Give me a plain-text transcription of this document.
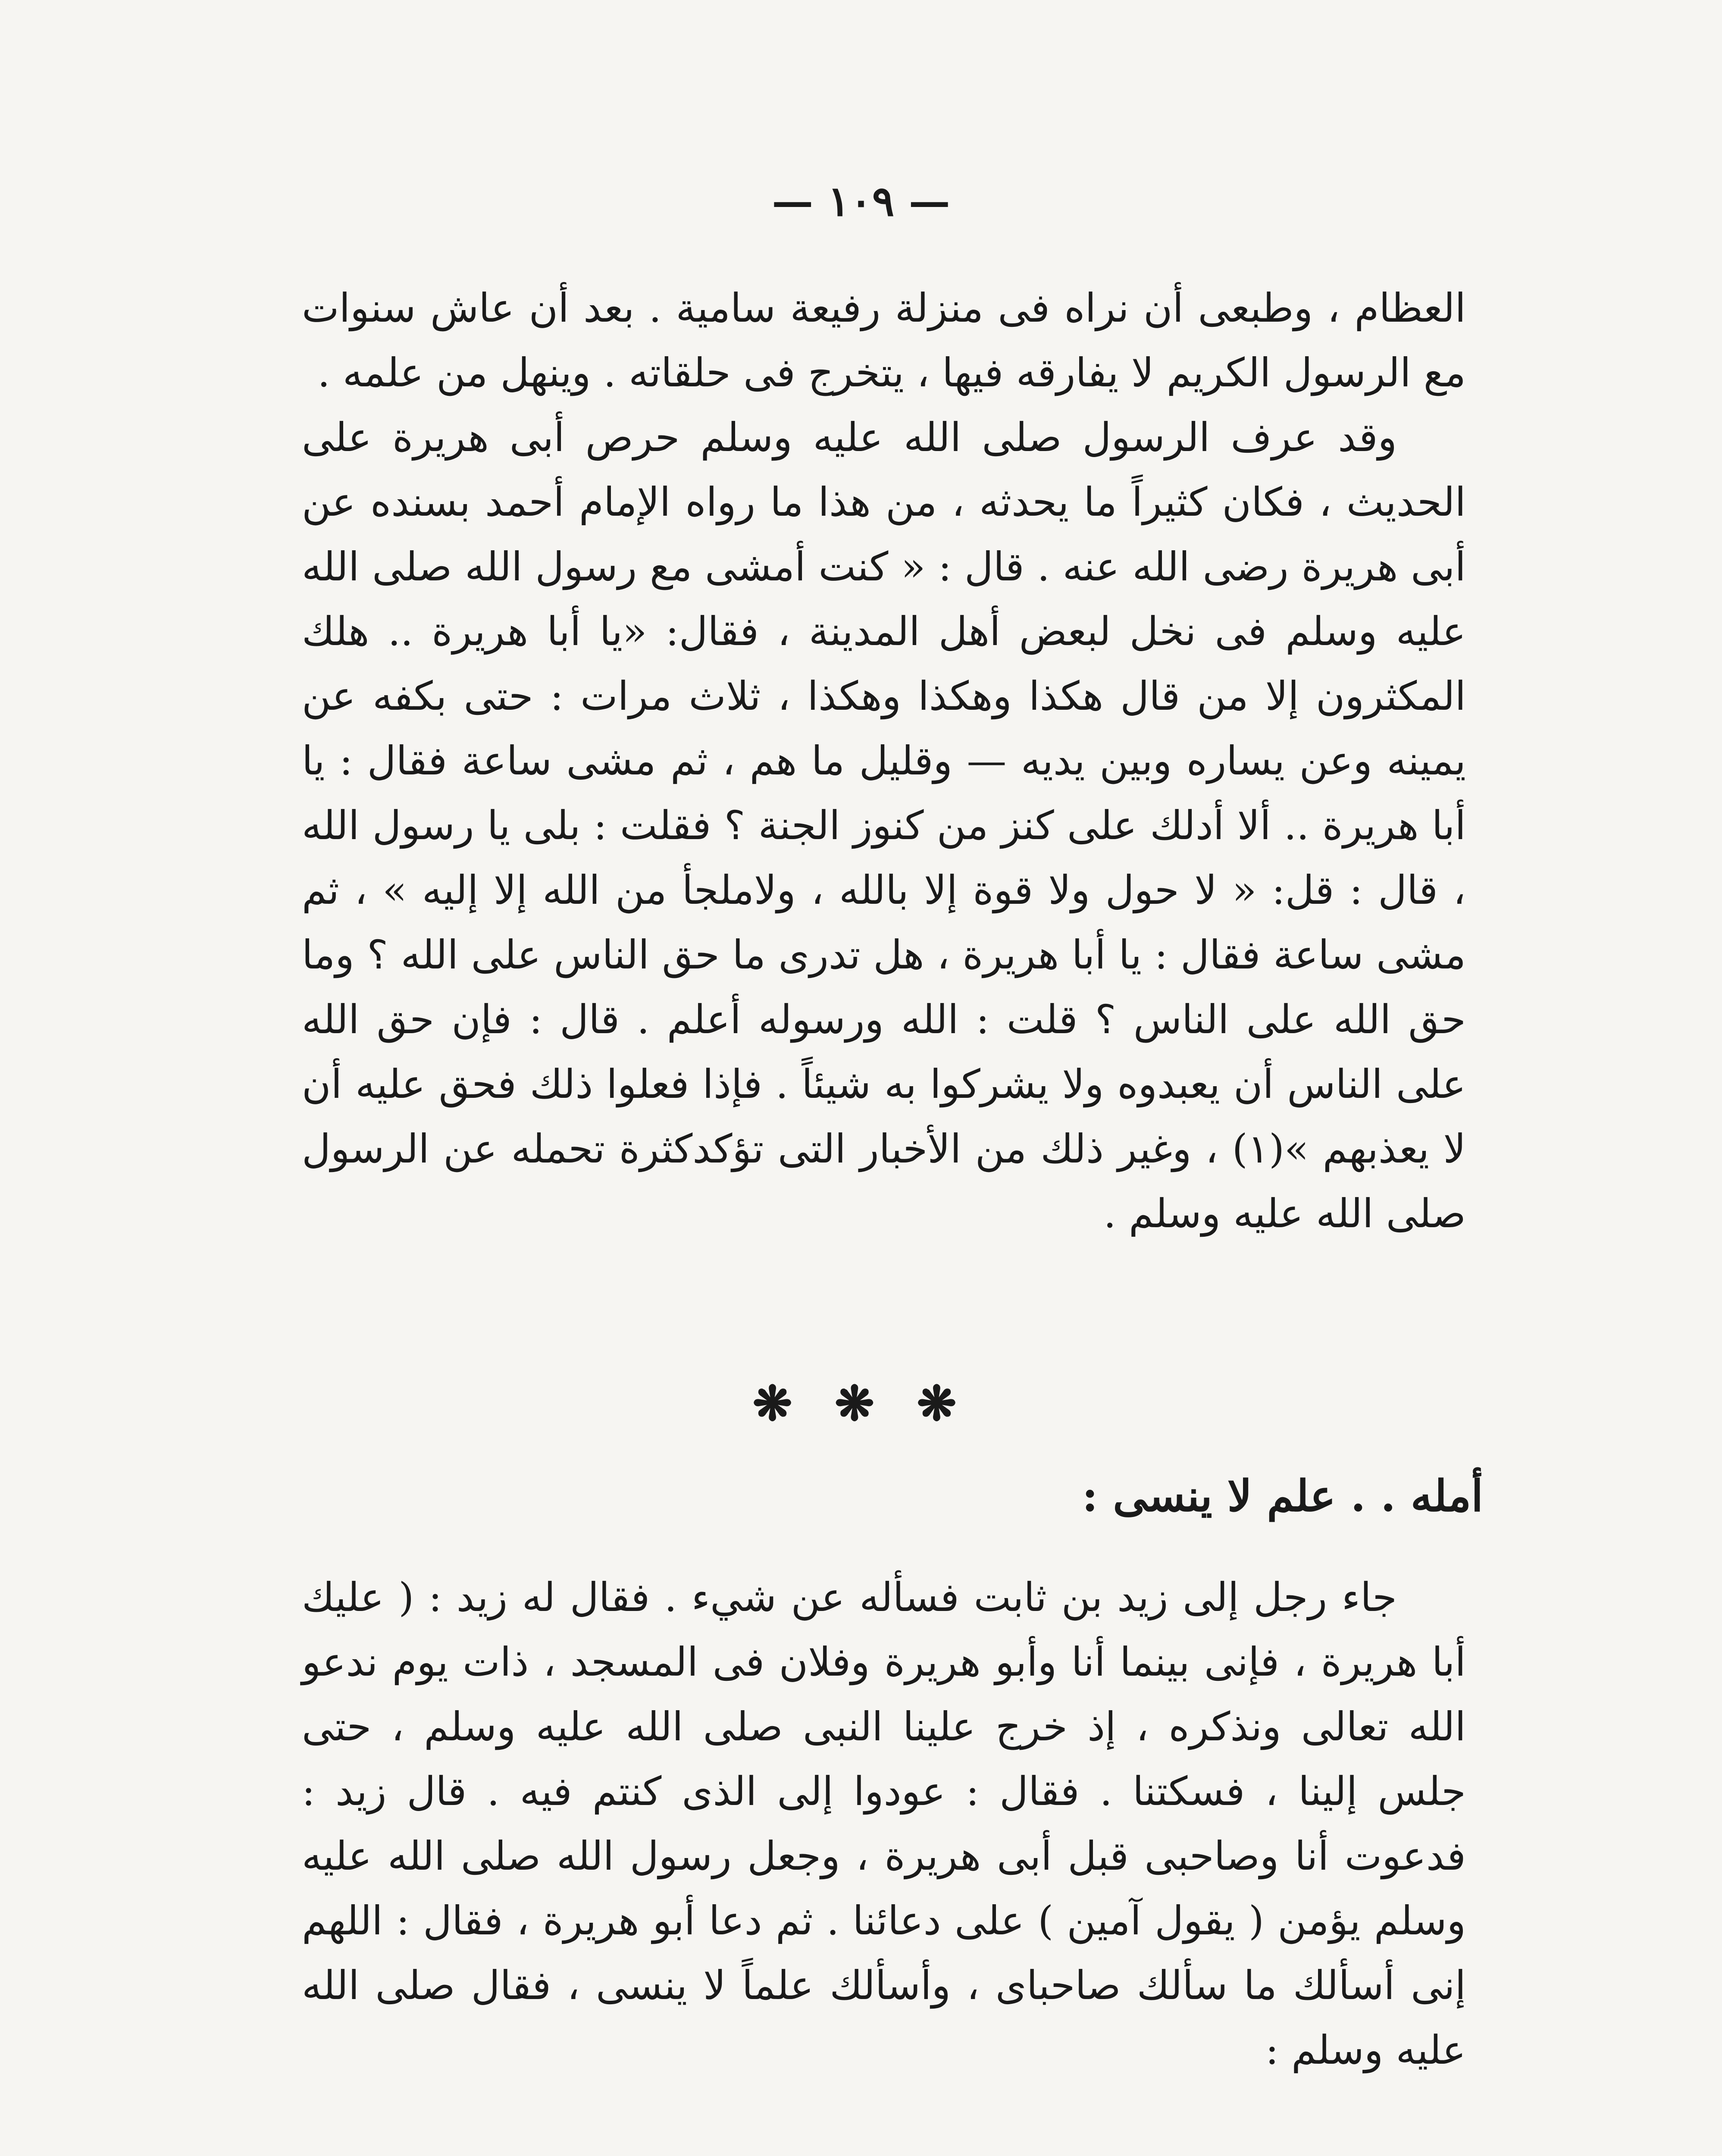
— ١٠٩ —

العظام ، وطبعى أن نراه فى منزلة رفيعة سامية . بعد أن عاش سنوات مع الرسول الكريم لا يفارقه فيها ، يتخرج فى حلقاته . وينهل من علمه .

وقد عرف الرسول صلى الله عليه وسلم حرص أبى هريرة على الحديث ، فكان كثيراً ما يحدثه ، من هذا ما رواه الإمام أحمد بسنده عن أبى هريرة رضى الله عنه . قال : « كنت أمشى مع رسول الله صلى الله عليه وسلم فى نخل لبعض أهل المدينة ، فقال: «يا أبا هريرة .. هلك المكثرون إلا من قال هكذا وهكذا وهكذا ، ثلاث مرات : حتى بكفه عن يمينه وعن يساره وبين يديه — وقليل ما هم ، ثم مشى ساعة فقال : يا أبا هريرة .. ألا أدلك على كنز من كنوز الجنة ؟ فقلت : بلى يا رسول الله ، قال : قل: « لا حول ولا قوة إلا بالله ، ولاملجأ من الله إلا إليه » ، ثم مشى ساعة فقال : يا أبا هريرة ، هل تدرى ما حق الناس على الله ؟ وما حق الله على الناس ؟ قلت : الله ورسوله أعلم . قال : فإن حق الله على الناس أن يعبدوه ولا يشركوا به شيئاً . فإذا فعلوا ذلك فحق عليه أن لا يعذبهم »(١) ، وغير ذلك من الأخبار التى تؤكدكثرة تحمله عن الرسول صلى الله عليه وسلم .

❋ ❋ ❋
أمله . . علم لا ينسى :

جاء رجل إلى زيد بن ثابت فسأله عن شيء . فقال له زيد : ( عليك أبا هريرة ، فإنى بينما أنا وأبو هريرة وفلان فى المسجد ، ذات يوم ندعو الله تعالى ونذكره ، إذ خرج علينا النبى صلى الله عليه وسلم ، حتى جلس إلينا ، فسكتنا . فقال : عودوا إلى الذى كنتم فيه . قال زيد : فدعوت أنا وصاحبى قبل أبى هريرة ، وجعل رسول الله صلى الله عليه وسلم يؤمن ( يقول آمين ) على دعائنا . ثم دعا أبو هريرة ، فقال : اللهم إنى أسألك ما سألك صاحباى ، وأسألك علماً لا ينسى ، فقال صلى الله عليه وسلم :
